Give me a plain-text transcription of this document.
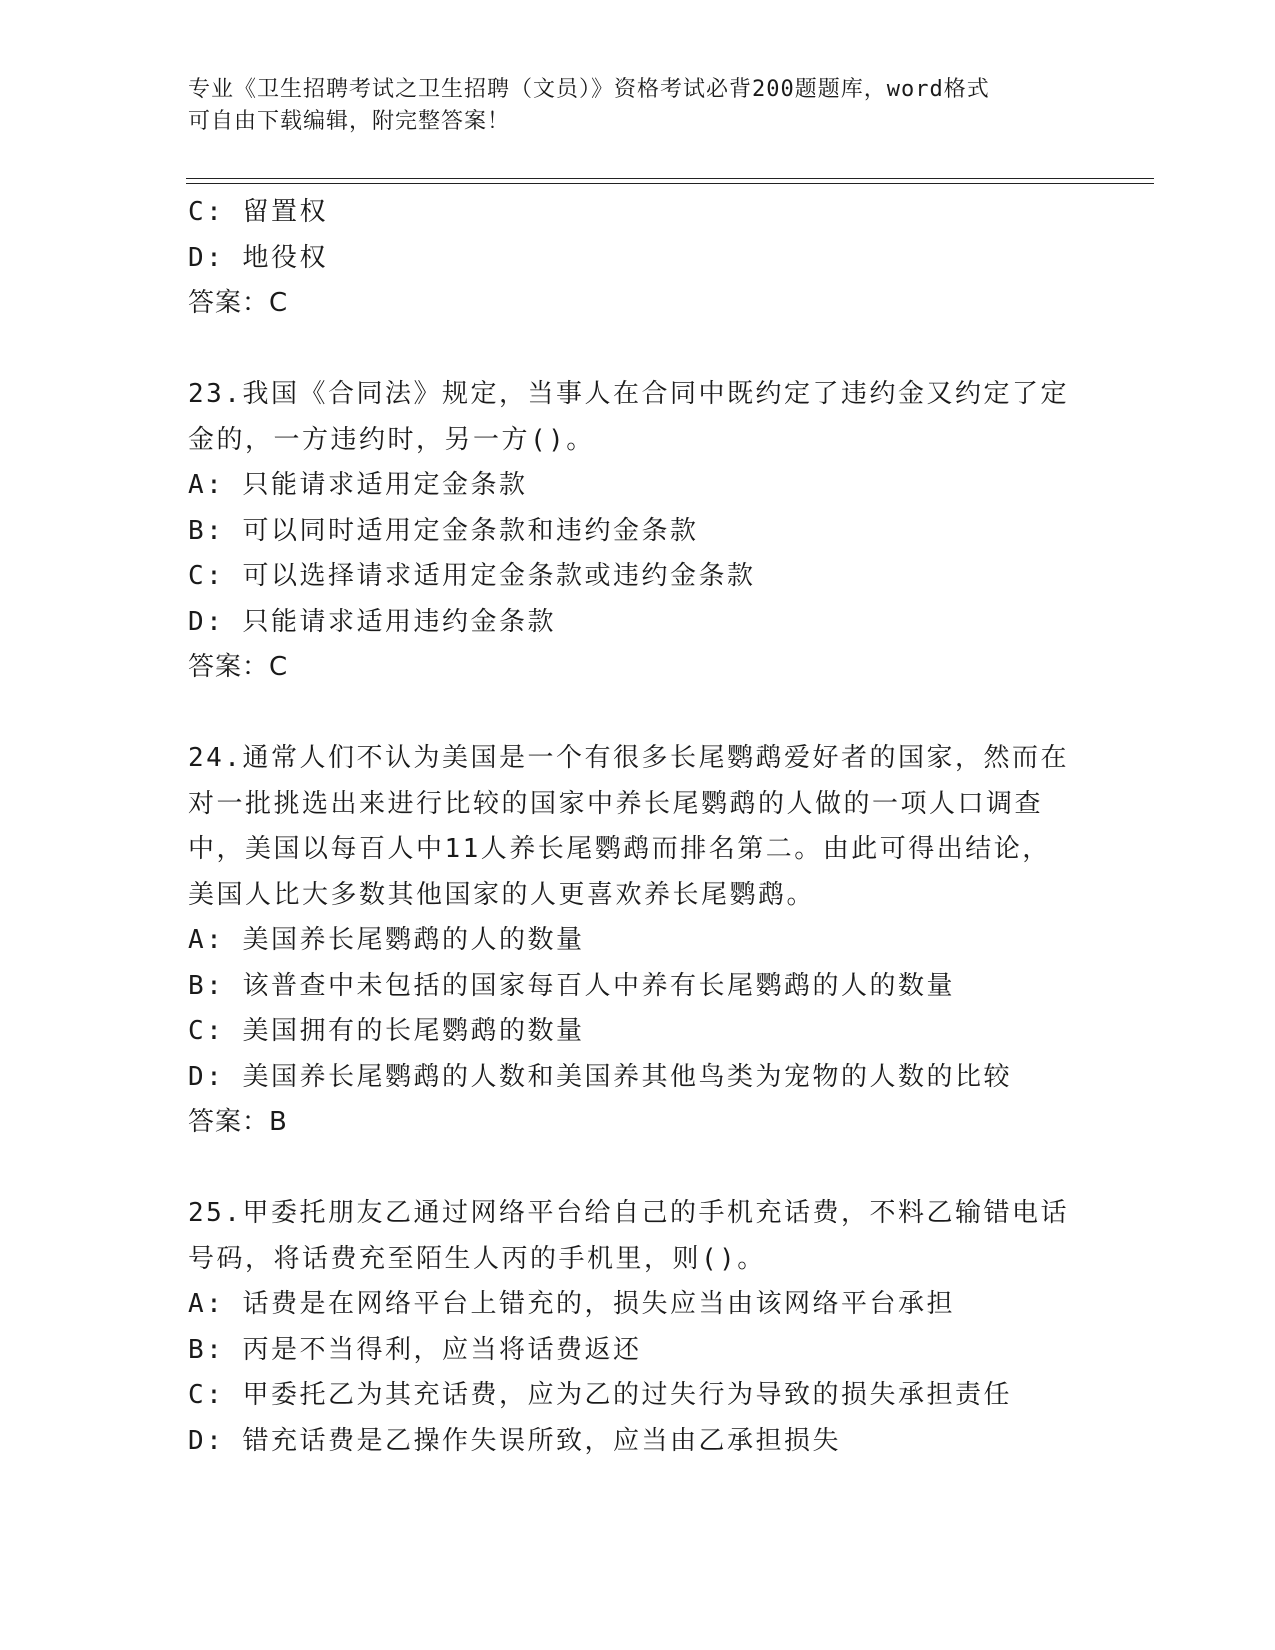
专业《卫生招聘考试之卫生招聘（文员）》资格考试必背200题题库，word格式
可自由下载编辑，附完整答案！

C: 留置权

D: 地役权

答案：C

23.我国《合同法》规定，当事人在合同中既约定了违约金又约定了定

金的，一方违约时，另一方()。

A: 只能请求适用定金条款

B: 可以同时适用定金条款和违约金条款

C: 可以选择请求适用定金条款或违约金条款

D: 只能请求适用违约金条款

答案：C

24.通常人们不认为美国是一个有很多长尾鹦鹉爱好者的国家，然而在

对一批挑选出来进行比较的国家中养长尾鹦鹉的人做的一项人口调查

中，美国以每百人中11人养长尾鹦鹉而排名第二。由此可得出结论，

美国人比大多数其他国家的人更喜欢养长尾鹦鹉。

A: 美国养长尾鹦鹉的人的数量

B: 该普查中未包括的国家每百人中养有长尾鹦鹉的人的数量

C: 美国拥有的长尾鹦鹉的数量

D: 美国养长尾鹦鹉的人数和美国养其他鸟类为宠物的人数的比较

答案：B

25.甲委托朋友乙通过网络平台给自己的手机充话费，不料乙输错电话

号码，将话费充至陌生人丙的手机里，则()。

A: 话费是在网络平台上错充的，损失应当由该网络平台承担

B: 丙是不当得利，应当将话费返还

C: 甲委托乙为其充话费，应为乙的过失行为导致的损失承担责任

D: 错充话费是乙操作失误所致，应当由乙承担损失
